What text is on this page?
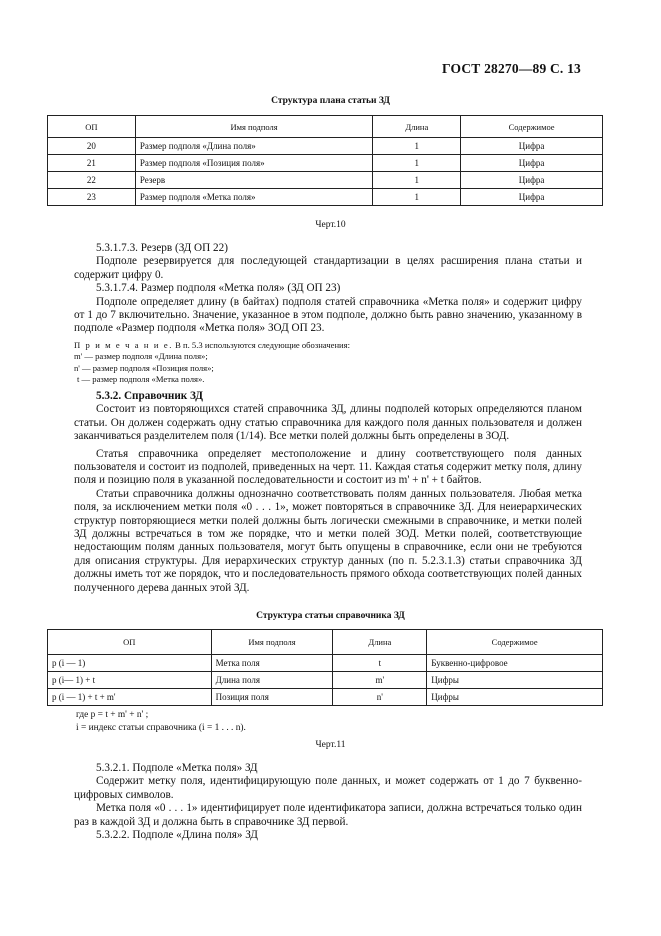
ГОСТ 28270—89 С. 13
Структура плана статьи ЗД
ОП	Имя подполя	Длина	Содержимое
20	Размер подполя «Длина поля»	1	Цифра
21	Размер подполя «Позиция поля»	1	Цифра
22	Резерв	1	Цифра
23	Размер подполя «Метка поля»	1	Цифра
Черт.10

5.3.1.7.3. Резерв (ЗД ОП 22)

Подполе резервируется для последующей стандартизации в целях расширения плана статьи и содержит цифру 0.

5.3.1.7.4. Размер подполя «Метка поля» (ЗД ОП 23)

Подполе определяет длину (в байтах) подполя статей справочника «Метка поля» и содержит цифру от 1 до 7 включительно. Значение, указанное в этом подполе, должно быть равно значению, указанному в подполе «Размер подполя «Метка поля» ЗОД ОП 23.

П р и м е ч а н и е. В п. 5.3 используются следующие обозначения:

m' — размер подполя «Длина поля»;

n' — размер подполя «Позиция поля»;

t — размер подполя «Метка поля».

5.3.2. Справочник ЗД

Состоит из повторяющихся статей справочника ЗД, длины подполей которых определяются планом статьи. Он должен содержать одну статью справочника для каждого поля данных пользователя и должен заканчиваться разделителем поля (1/14). Все метки полей должны быть определены в ЗОД.

Статья справочника определяет местоположение и длину соответствующего поля данных пользователя и состоит из подполей, приведенных на черт. 11. Каждая статья содержит метку поля, длину поля и позицию поля в указанной последовательности и состоит из m' + n' + t байтов.

Статьи справочника должны однозначно соответствовать полям данных пользователя. Любая метка поля, за исключением метки поля «0 . . . 1», может повторяться в справочнике ЗД. Для неиерархических структур повторяющиеся метки полей должны быть логически смежными в справочнике, и метки полей ЗД должны встречаться в том же порядке, что и метки полей ЗОД. Метки полей, соответствующие недостающим полям данных пользователя, могут быть опущены в справочнике, если они не требуются для описания структуры. Для иерархических структур данных (по п. 5.2.3.1.3) статьи справочника ЗД должны иметь тот же порядок, что и последовательность прямого обхода соответствующих полей данных полученного дерева данных этой ЗД.

Структура статьи справочника ЗД
ОП	Имя подполя	Длина	Содержимое
p (i — 1)	Метка поля	t	Буквенно-цифровое
p (i— 1) + t	Длина поля	m'	Цифры
p (i — 1) + t + m'	Позиция поля	n'	Цифры

где p = t + m' + n' ;

i = индекс статьи справочника (i = 1 . . . n).

Черт.11

5.3.2.1. Подполе «Метка поля» ЗД

Содержит метку поля, идентифицирующую поле данных, и может содержать от 1 до 7 буквенно-цифровых символов.

Метка поля «0 . . . 1» идентифицирует поле идентификатора записи, должна встречаться только один раз в каждой ЗД и должна быть в справочнике ЗД первой.

5.3.2.2. Подполе «Длина поля» ЗД
